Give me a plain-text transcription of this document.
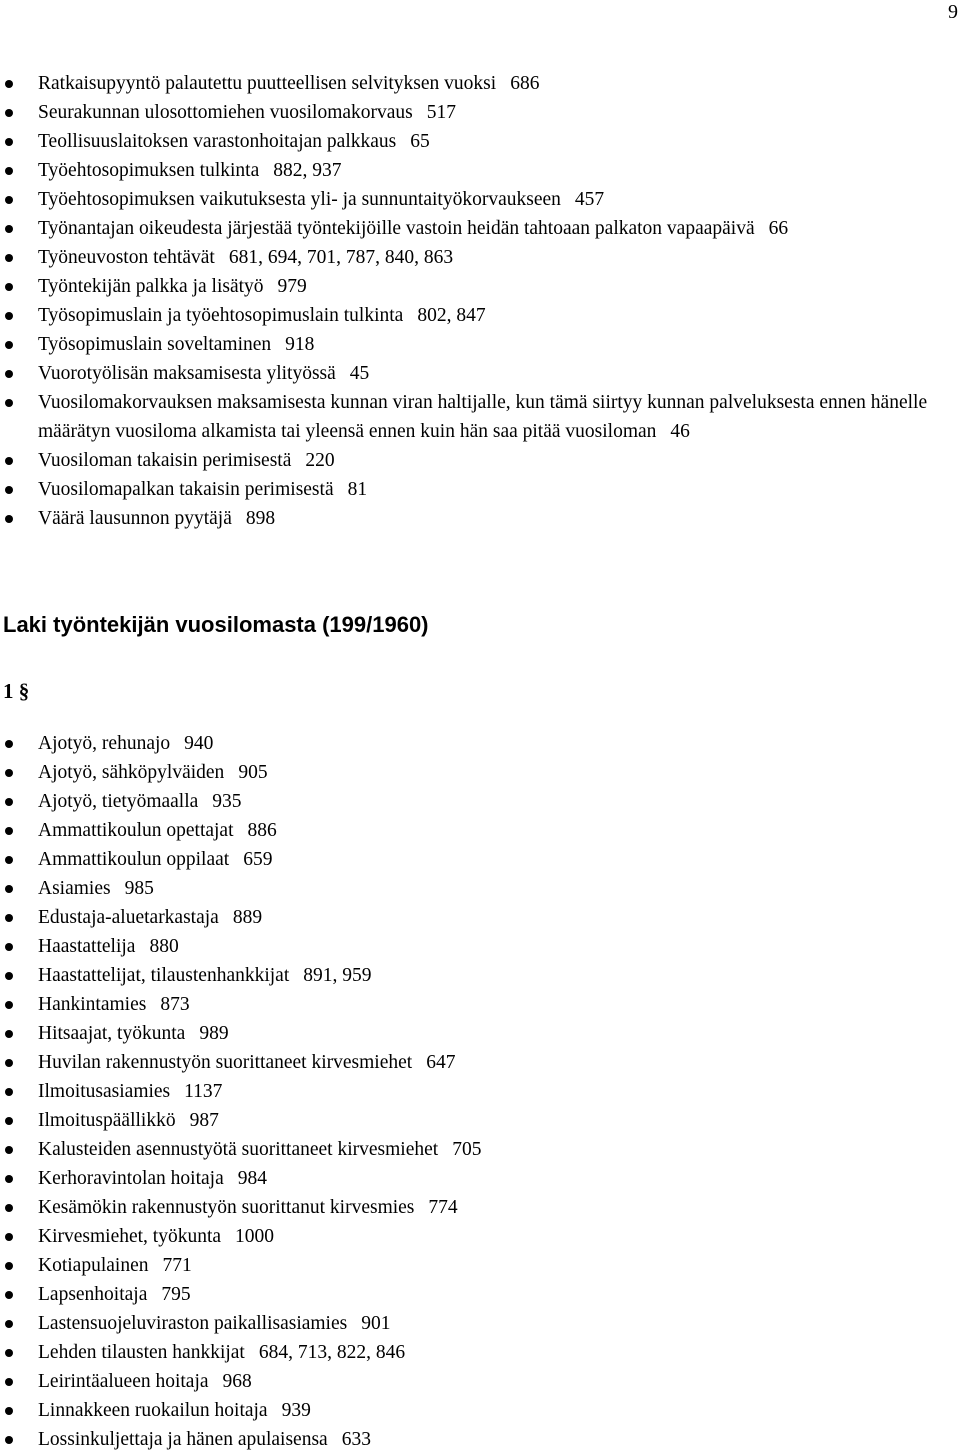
9
Ratkaisupyyntö palautettu puutteellisen selvityksen vuoksi 686
Seurakunnan ulosottomiehen vuosilomakorvaus 517
Teollisuuslaitoksen varastonhoitajan palkkaus 65
Työehtosopimuksen tulkinta 882, 937
Työehtosopimuksen vaikutuksesta yli- ja sunnuntaityökorvaukseen 457
Työnantajan oikeudesta järjestää työntekijöille vastoin heidän tahtoaan palkaton vapaapäivä 66
Työneuvoston tehtävät 681, 694, 701, 787, 840, 863
Työntekijän palkka ja lisätyö 979
Työsopimuslain ja työehtosopimuslain tulkinta 802, 847
Työsopimuslain soveltaminen 918
Vuorotyölisän maksamisesta ylityössä 45
Vuosilomakorvauksen maksamisesta kunnan viran haltijalle, kun tämä siirtyy kunnan palveluksesta ennen hänelle määrätyn vuosiloma alkamista tai yleensä ennen kuin hän saa pitää vuosiloman 46
Vuosiloman takaisin perimisestä 220
Vuosilomapalkan takaisin perimisestä 81
Väärä lausunnon pyytäjä 898
Laki työntekijän vuosilomasta (199/1960)
1 §
Ajotyö, rehunajo 940
Ajotyö, sähköpylväiden 905
Ajotyö, tietyömaalla 935
Ammattikoulun opettajat 886
Ammattikoulun oppilaat 659
Asiamies 985
Edustaja-aluetarkastaja 889
Haastattelija 880
Haastattelijat, tilaustenhankkijat 891, 959
Hankintamies 873
Hitsaajat, työkunta 989
Huvilan rakennustyön suorittaneet kirvesmiehet 647
Ilmoitusasiamies 1137
Ilmoituspäällikkö 987
Kalusteiden asennustyötä suorittaneet kirvesmiehet 705
Kerhoravintolan hoitaja 984
Kesämökin rakennustyön suorittanut kirvesmies 774
Kirvesmiehet, työkunta 1000
Kotiapulainen 771
Lapsenhoitaja 795
Lastensuojeluviraston paikallisasiamies 901
Lehden tilausten hankkijat 684, 713, 822, 846
Leirintäalueen hoitaja 968
Linnakkeen ruokailun hoitaja 939
Lossinkuljettaja ja hänen apulaisensa 633
